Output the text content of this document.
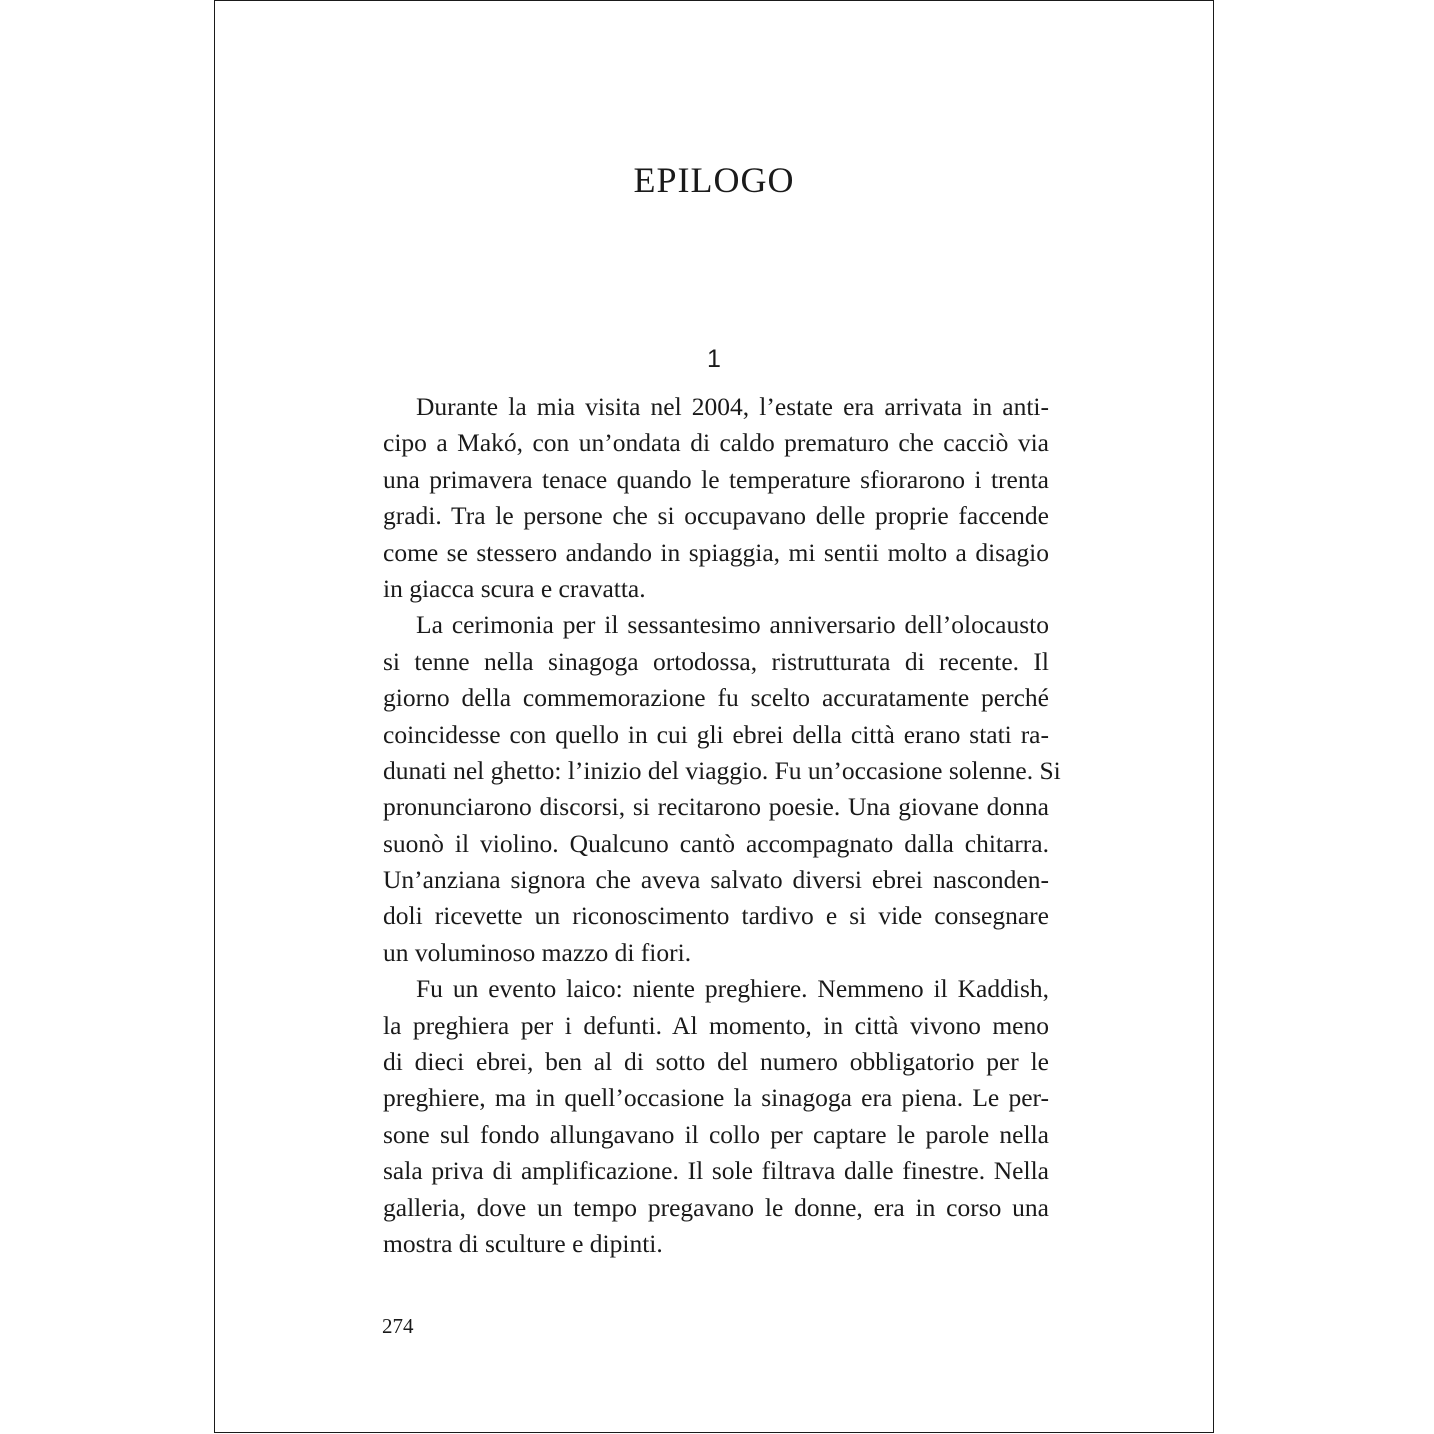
EPILOGO
1
Durante la mia visita nel 2004, l’estate era arrivata in anti-
cipo a Makó, con un’ondata di caldo prematuro che cacciò via
una primavera tenace quando le temperature sfiorarono i trenta
gradi. Tra le persone che si occupavano delle proprie faccende
come se stessero andando in spiaggia, mi sentii molto a disagio
in giacca scura e cravatta.
La cerimonia per il sessantesimo anniversario dell’olocausto
si tenne nella sinagoga ortodossa, ristrutturata di recente. Il
giorno della commemorazione fu scelto accuratamente perché
coincidesse con quello in cui gli ebrei della città erano stati ra-
dunati nel ghetto: l’inizio del viaggio. Fu un’occasione solenne. Si
pronunciarono discorsi, si recitarono poesie. Una giovane donna
suonò il violino. Qualcuno cantò accompagnato dalla chitarra.
Un’anziana signora che aveva salvato diversi ebrei nasconden-
doli ricevette un riconoscimento tardivo e si vide consegnare
un voluminoso mazzo di fiori.
Fu un evento laico: niente preghiere. Nemmeno il Kaddish,
la preghiera per i defunti. Al momento, in città vivono meno
di dieci ebrei, ben al di sotto del numero obbligatorio per le
preghiere, ma in quell’occasione la sinagoga era piena. Le per-
sone sul fondo allungavano il collo per captare le parole nella
sala priva di amplificazione. Il sole filtrava dalle finestre. Nella
galleria, dove un tempo pregavano le donne, era in corso una
mostra di sculture e dipinti.
274
